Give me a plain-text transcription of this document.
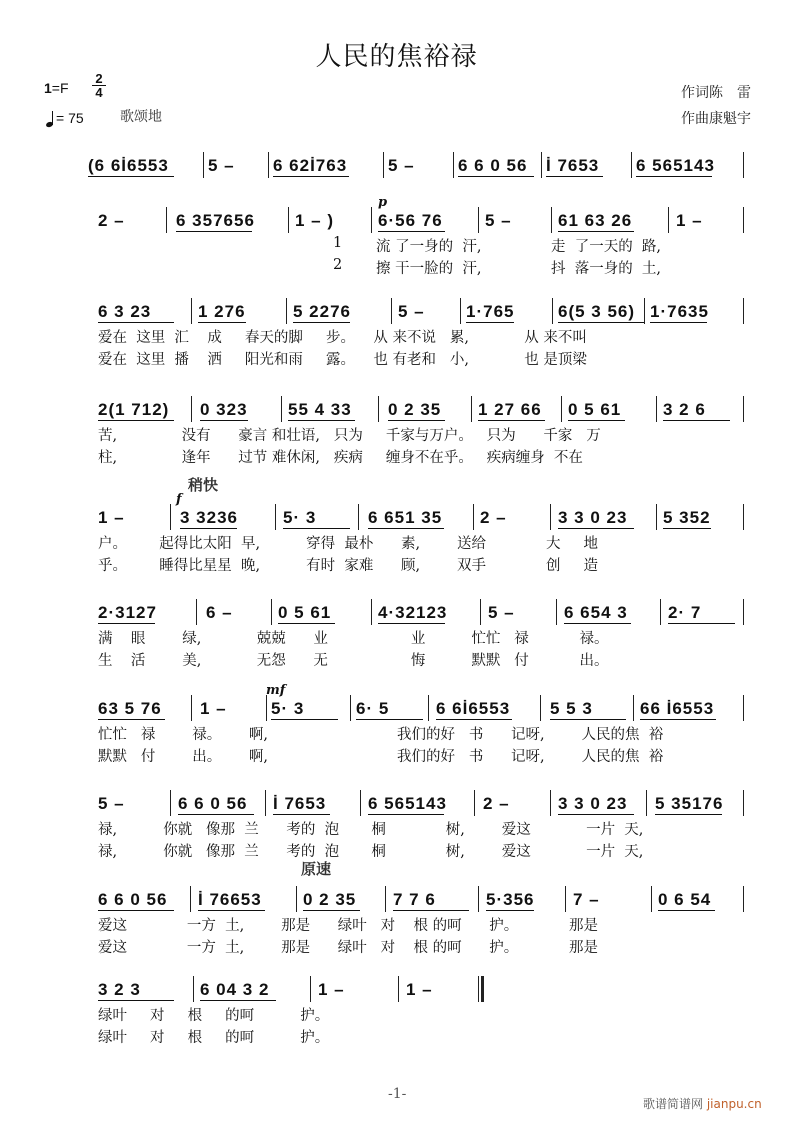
人民的焦裕禄
1=F
2
4
= 75	歌颂地
作词陈　雷
作曲康魁宇
(6 6İ6553 5 – 6 62İ763 5 –	6 6 0 56 İ 7653 6 565143
2 –	6 357656 1 – )	6·56 76 5 –	61 63 26	1 –
p
1 流 了一身的  汗,	走  了一天的  路,
2 擦 干一脸的  汗,	抖  落一身的  土,
6 3 23	1 276	5 2276	5 – 1·765	6(5 3 56) 1·7635
爱在  这里  汇    成     春天的脚     步。    从 来不说   累,            从 来不叫
爱在  这里  播    洒     阳光和雨     露。    也 有老和   小,            也 是顶梁
2(1 712) 0 323 55 4 33 0 2 35 1 27 66 0 5 61 3 2 6
苦,              没有      豪言 和壮语,   只为     千家与万户。   只为      千家   万
柱,              逢年      过节 难休闲,   疾病     缠身不在乎。   疾病缠身  不在
1 –	3 3236	5· 3	6 651 35 2 –	3 3 0 23 5 352
f
稍快
户。       起得比太阳  早,          穿得  最朴      素,        送给             大     地
乎。       睡得比星星  晚,          有时  家难      顾,        双手             创     造
2·3127	6 –	0 5 61	4·32123 5 –	6 654 3 2· 7
满    眼        绿,            兢兢      业                  业          忙忙   禄           禄。
生    活        美,            无怨      无                  悔          默默   付           出。
63 5 76 1 –	5· 3	6· 5	6 6İ6553 5 5 3	66 İ6553
mf
忙忙   禄        禄。      啊,                            我们的好   书      记呀,        人民的焦  裕
默默   付        出。      啊,                            我们的好   书      记呀,        人民的焦  裕
5 –	6 6 0 56 İ 7653 6 565143 2 –	3 3 0 23 5 35176
禄,          你就   像那  兰      考的  泡       桐             树,        爱这            一片  天,
禄,          你就   像那  兰      考的  泡       桐             树,        爱这            一片  天,
6 6 0 56 İ 76653 0 2 35 7 7 6	5·356 7 –	0 6 54
原速
爱这             一方  土,        那是      绿叶   对    根 的呵      护。           那是
爱这             一方  土,        那是      绿叶   对    根 的呵      护。           那是
3 2 3	6 04 3 2	1 –	1 –
绿叶     对     根     的呵          护。
绿叶     对     根     的呵          护。
-1-
歌谱简谱网 jianpu.cn
